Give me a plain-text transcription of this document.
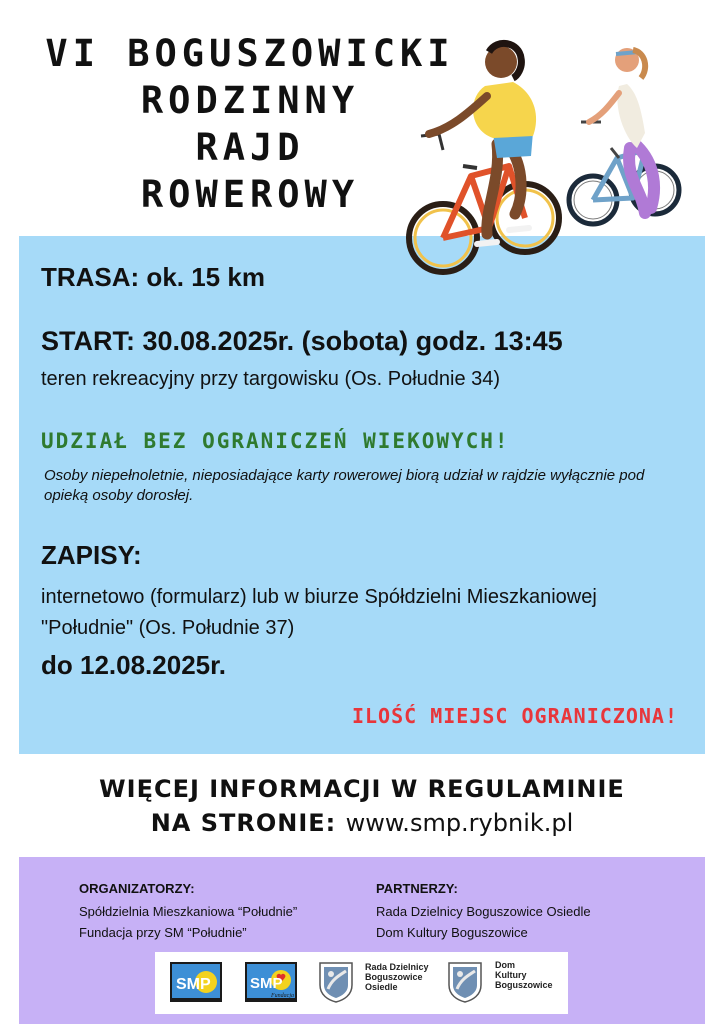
VI BOGUSZOWICKI
RODZINNY
RAJD
ROWEROWY
TRASA: ok. 15 km
START: 30.08.2025r. (sobota) godz. 13:45
teren rekreacyjny przy targowisku (Os. Południe 34)
UDZIAŁ BEZ OGRANICZEŃ WIEKOWYCH!
Osoby niepełnoletnie, nieposiadające karty rowerowej biorą udział w rajdzie wyłącznie pod opieką osoby dorosłej.
ZAPISY:
internetowo (formularz) lub w biurze Spółdzielni Mieszkaniowej "Południe" (Os. Południe 37)
do 12.08.2025r.
ILOŚĆ MIEJSC OGRANICZONA!
WIĘCEJ INFORMACJI W REGULAMINIE
NA STRONIE: www.smp.rybnik.pl
ORGANIZATORZY:
Spółdzielnia Mieszkaniowa “Południe”
Fundacja przy SM “Południe”
PARTNERZY:
Rada Dzielnicy Boguszowice Osiedle
Dom Kultury Boguszowice
SMP	SMP
Fundacja
Rada Dzielnicy
Boguszowice
Osiedle
Dom
Kultury
Boguszowice
